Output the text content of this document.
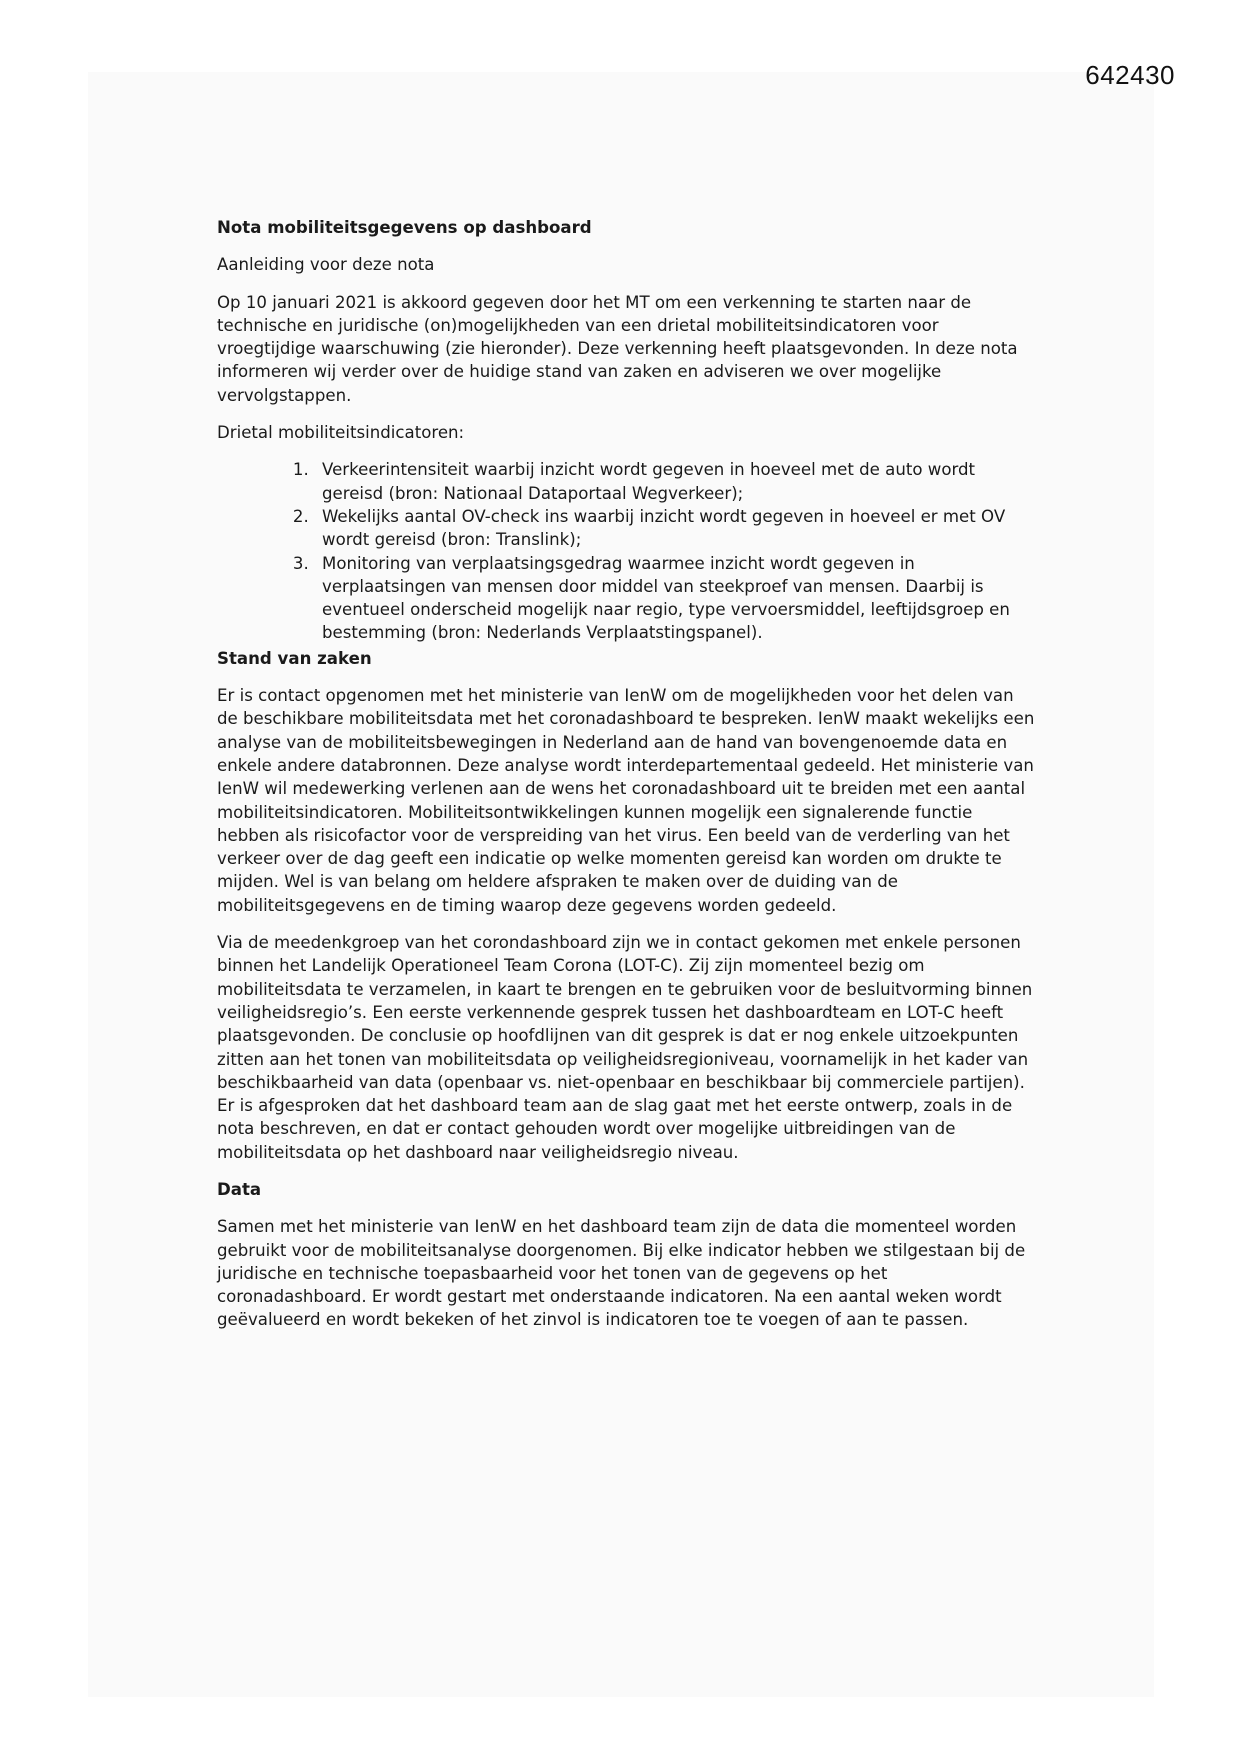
642430

Nota mobiliteitsgegevens op dashboard

Aanleiding voor deze nota

Op 10 januari 2021 is akkoord gegeven door het MT om een verkenning te starten naar de technische en juridische (on)mogelijkheden van een drietal mobiliteitsindicatoren voor vroegtijdige waarschuwing (zie hieronder). Deze verkenning heeft plaatsgevonden. In deze nota informeren wij verder over de huidige stand van zaken en adviseren we over mogelijke vervolgstappen.

Drietal mobiliteitsindicatoren:

1. Verkeerintensiteit waarbij inzicht wordt gegeven in hoeveel met de auto wordt gereisd (bron: Nationaal Dataportaal Wegverkeer);
2. Wekelijks aantal OV-check ins waarbij inzicht wordt gegeven in hoeveel er met OV wordt gereisd (bron: Translink);
3. Monitoring van verplaatsingsgedrag waarmee inzicht wordt gegeven in verplaatsingen van mensen door middel van steekproef van mensen. Daarbij is eventueel onderscheid mogelijk naar regio, type vervoersmiddel, leeftijdsgroep en bestemming (bron: Nederlands Verplaatstingspanel).

Stand van zaken

Er is contact opgenomen met het ministerie van IenW om de mogelijkheden voor het delen van de beschikbare mobiliteitsdata met het coronadashboard te bespreken. IenW maakt wekelijks een analyse van de mobiliteitsbewegingen in Nederland aan de hand van bovengenoemde data en enkele andere databronnen. Deze analyse wordt interdepartementaal gedeeld. Het ministerie van IenW wil medewerking verlenen aan de wens het coronadashboard uit te breiden met een aantal mobiliteitsindicatoren. Mobiliteitsontwikkelingen kunnen mogelijk een signalerende functie hebben als risicofactor voor de verspreiding van het virus. Een beeld van de verderling van het verkeer over de dag geeft een indicatie op welke momenten gereisd kan worden om drukte te mijden. Wel is van belang om heldere afspraken te maken over de duiding van de mobiliteitsgegevens en de timing waarop deze gegevens worden gedeeld.

Via de meedenkgroep van het corondashboard zijn we in contact gekomen met enkele personen binnen het Landelijk Operationeel Team Corona (LOT-C). Zij zijn momenteel bezig om mobiliteitsdata te verzamelen, in kaart te brengen en te gebruiken voor de besluitvorming binnen veiligheidsregio’s. Een eerste verkennende gesprek tussen het dashboardteam en LOT-C heeft plaatsgevonden. De conclusie op hoofdlijnen van dit gesprek is dat er nog enkele uitzoekpunten zitten aan het tonen van mobiliteitsdata op veiligheidsregioniveau, voornamelijk in het kader van beschikbaarheid van data (openbaar vs. niet-openbaar en beschikbaar bij commerciele partijen). Er is afgesproken dat het dashboard team aan de slag gaat met het eerste ontwerp, zoals in de nota beschreven, en dat er contact gehouden wordt over mogelijke uitbreidingen van de mobiliteitsdata op het dashboard naar veiligheidsregio niveau.

Data

Samen met het ministerie van IenW en het dashboard team zijn de data die momenteel worden gebruikt voor de mobiliteitsanalyse doorgenomen. Bij elke indicator hebben we stilgestaan bij de juridische en technische toepasbaarheid voor het tonen van de gegevens op het coronadashboard. Er wordt gestart met onderstaande indicatoren. Na een aantal weken wordt geëvalueerd en wordt bekeken of het zinvol is indicatoren toe te voegen of aan te passen.
